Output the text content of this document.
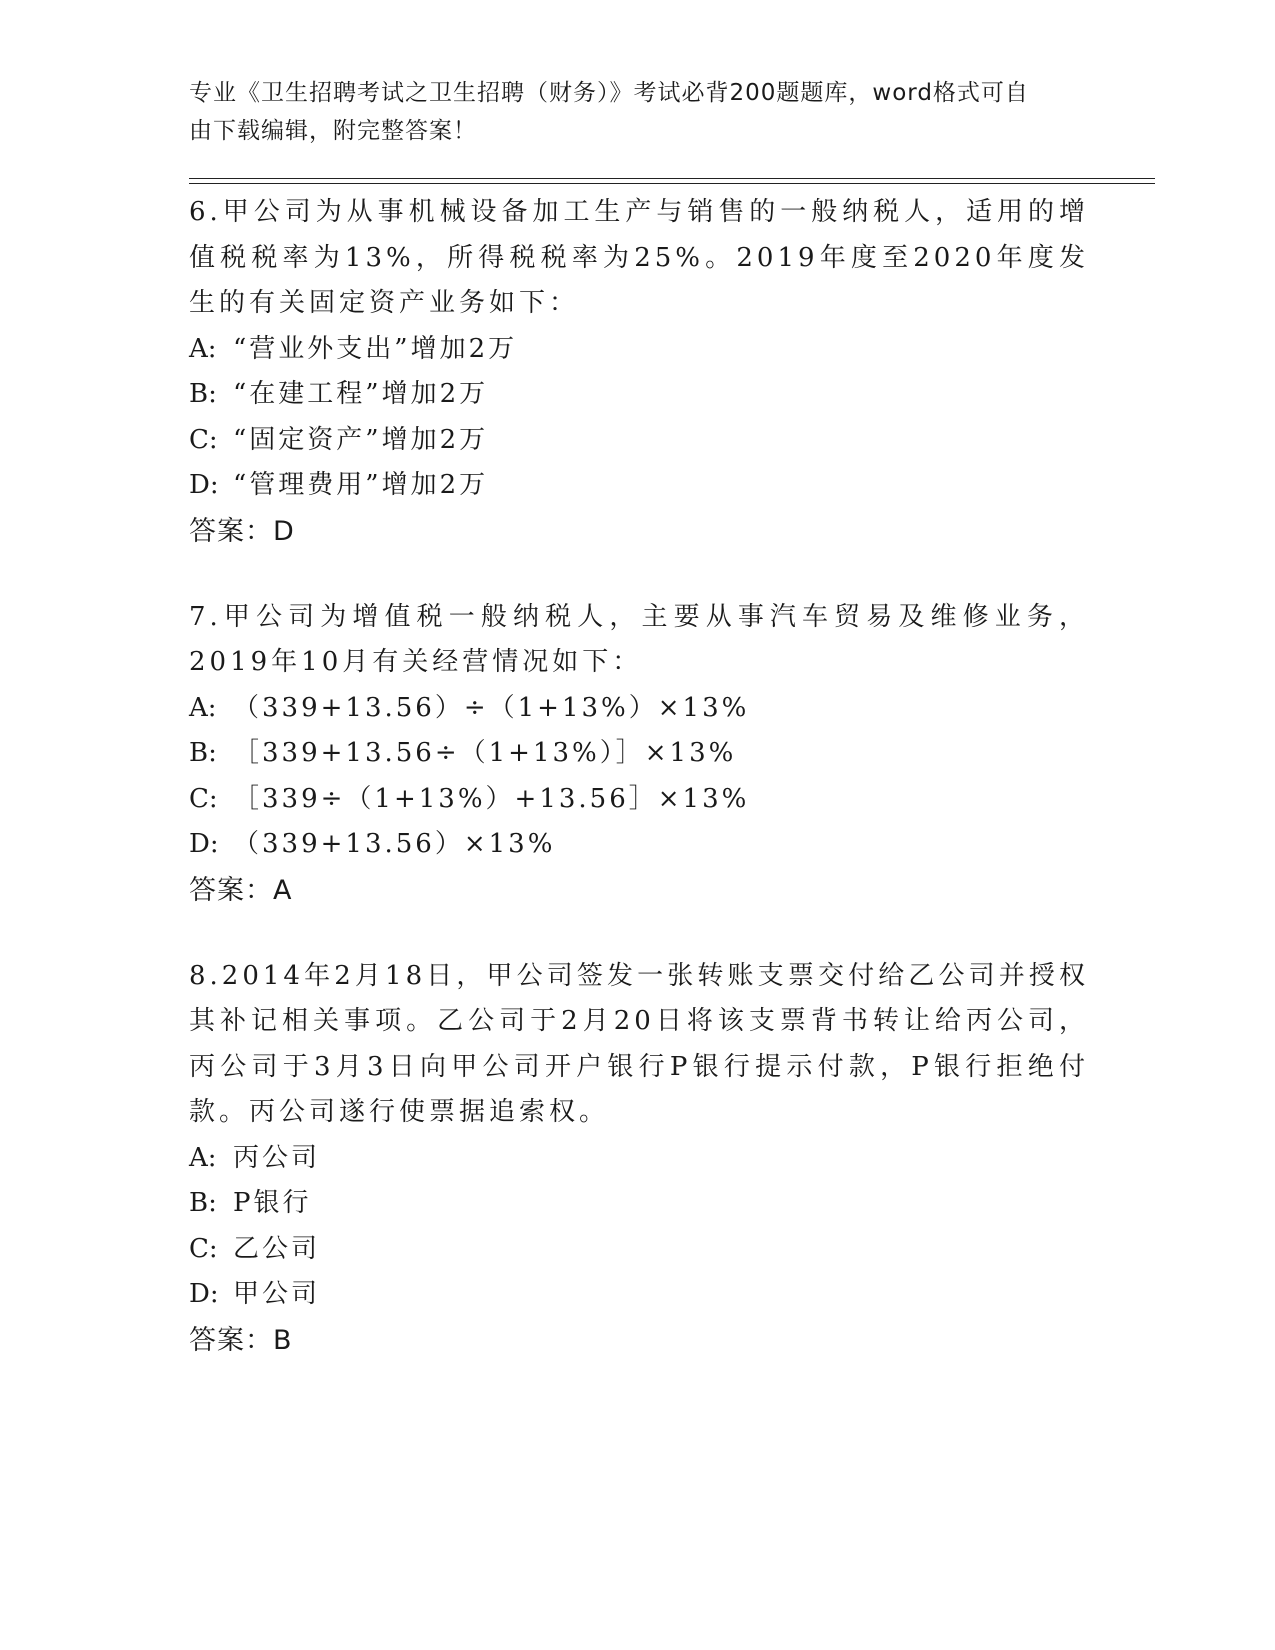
专业《卫生招聘考试之卫生招聘（财务）》考试必背200题题库，word格式可自
由下载编辑，附完整答案！

6.甲公司为从事机械设备加工生产与销售的一般纳税人，适用的增值税税率为13%，所得税税率为25%。2019年度至2020年度发生的有关固定资产业务如下：

A: “营业外支出”增加2万
B: “在建工程”增加2万
C: “固定资产”增加2万
D: “管理费用”增加2万
答案：D

7.甲公司为增值税一般纳税人，主要从事汽车贸易及维修业务，2019年10月有关经营情况如下：

A: （339+13.56）÷（1+13%）×13%
B: ［339+13.56÷（1+13%）］×13%
C: ［339÷（1+13%）+13.56］×13%
D: （339+13.56）×13%
答案：A

8.2014年2月18日，甲公司签发一张转账支票交付给乙公司并授权其补记相关事项。乙公司于2月20日将该支票背书转让给丙公司，丙公司于3月3日向甲公司开户银行P银行提示付款，P银行拒绝付款。丙公司遂行使票据追索权。

A: 丙公司
B: P银行
C: 乙公司
D: 甲公司
答案：B
